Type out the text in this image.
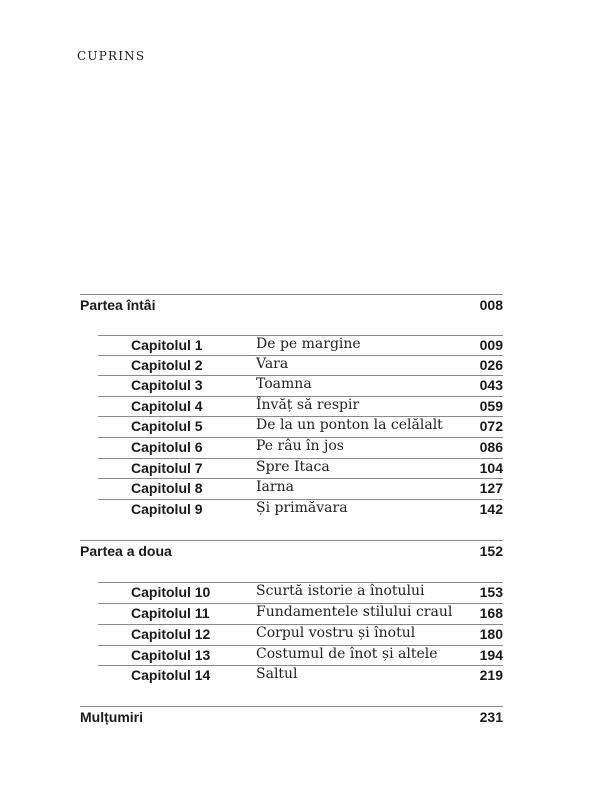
CUPRINS
Partea întâi	008
Capitolul 1	De pe margine	009
Capitolul 2	Vara	026
Capitolul 3	Toamna	043
Capitolul 4	Învăț să respir	059
Capitolul 5	De la un ponton la celălalt	072
Capitolul 6	Pe râu în jos	086
Capitolul 7	Spre Itaca	104
Capitolul 8	Iarna	127
Capitolul 9	Și primăvara	142
Partea a doua	152
Capitolul 10	Scurtă istorie a înotului	153
Capitolul 11	Fundamentele stilului craul 168
Capitolul 12	Corpul vostru și înotul	180
Capitolul 13	Costumul de înot și altele	194
Capitolul 14	Saltul	219
Mulțumiri	231
